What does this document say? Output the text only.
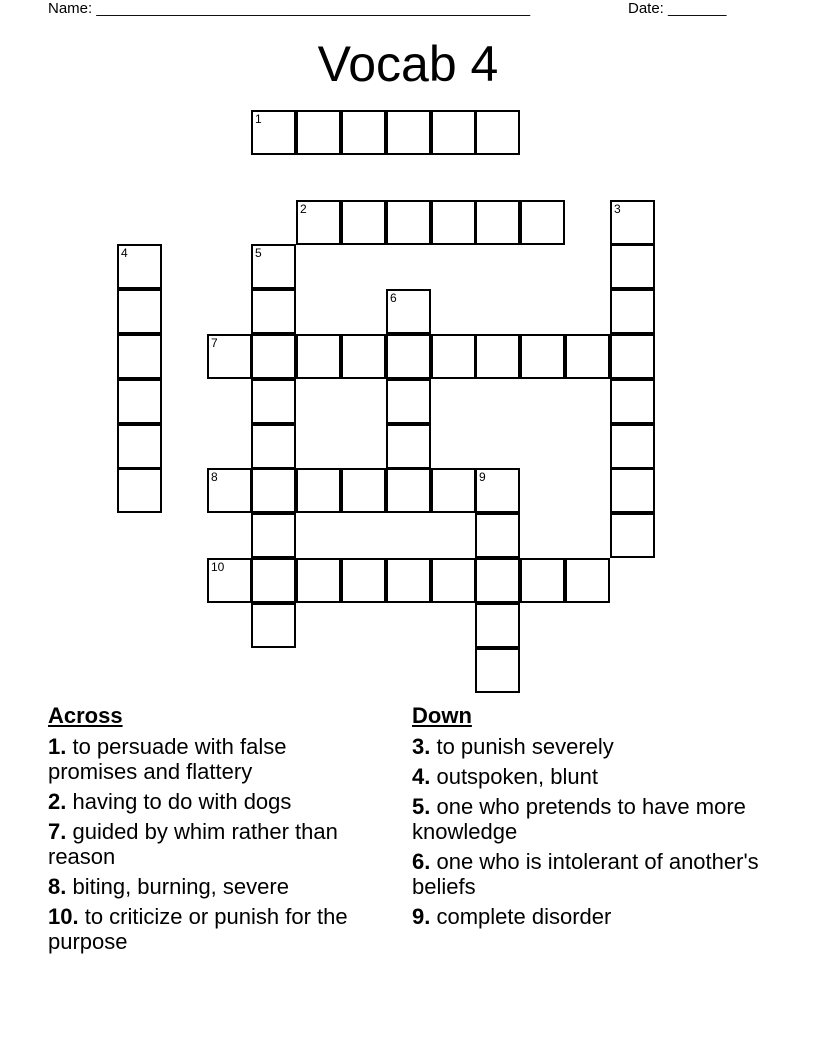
Name: ____________________________________________________	Date: _______
Vocab 4
1
2	3
4	5
6
7
8	9
10
Across
1. to persuade with false promises and flattery
2. having to do with dogs
7. guided by whim rather than reason
8. biting, burning, severe
10. to criticize or punish for the purpose
Down
3. to punish severely
4. outspoken, blunt
5. one who pretends to have more knowledge
6. one who is intolerant of another's beliefs
9. complete disorder
